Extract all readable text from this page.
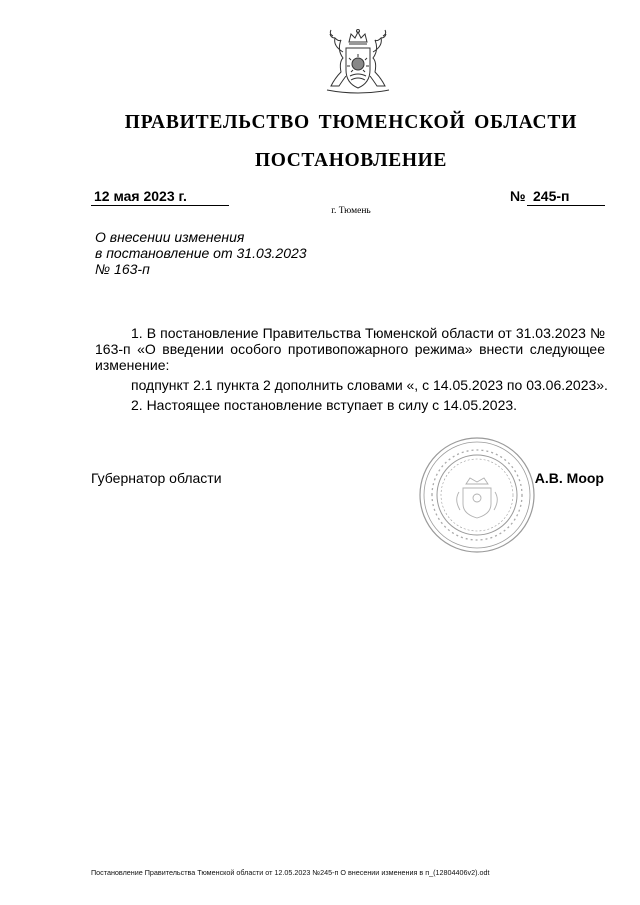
ПРАВИТЕЛЬСТВО ТЮМЕНСКОЙ ОБЛАСТИ
ПОСТАНОВЛЕНИЕ
12 мая 2023 г.	№ 245-п
г. Тюмень
О внесении изменения
в постановление от 31.03.2023
№ 163-п

1. В постановление Правительства Тюменской области от 31.03.2023 № 163-п «О введении особого противопожарного режима» внести следующее изменение:

подпункт 2.1 пункта 2 дополнить словами «, с 14.05.2023 по 03.06.2023».

2. Настоящее постановление вступает в силу с 14.05.2023.

Губернатор области	А.В. Моор
Постановление Правительства Тюменской области от 12.05.2023 №245-п О внесении изменения в п_(12804406v2).odt
